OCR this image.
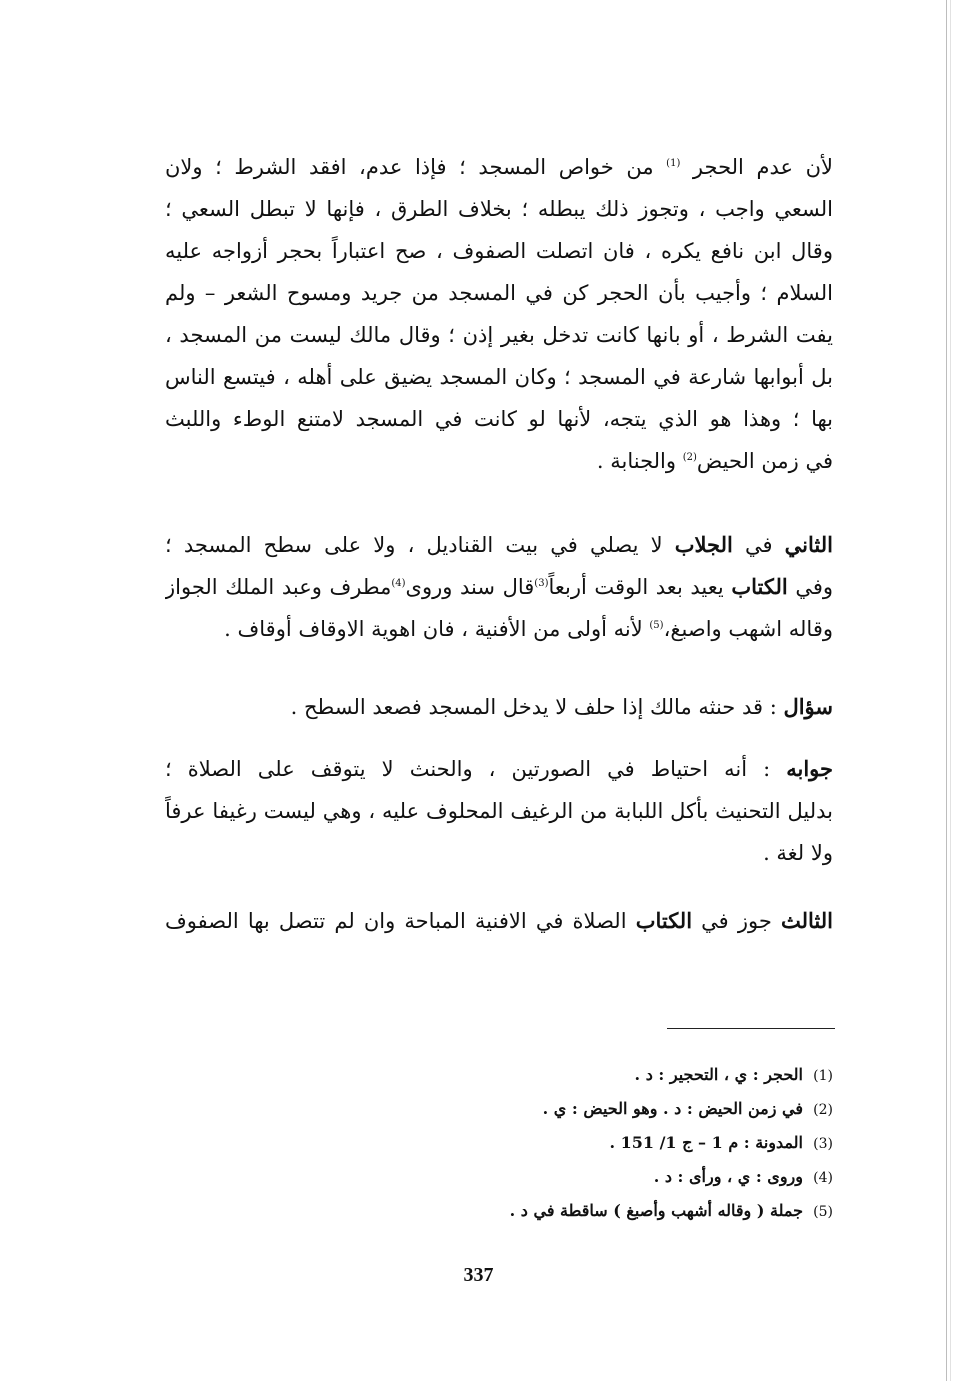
لأن عدم الحجر $^{(1)}$ من خواص المسجد ؛ فإذا عدم، افقد الشرط ؛ ولان
السعي واجب ، وتجوز ذلك يبطله ؛ بخلاف الطرق ، فإنها لا تبطل السعي ؛
وقال ابن نافع يكره ، فان اتصلت الصفوف ، صح اعتباراً بحجر أزواجه عليه
السلام ؛ وأجيب بأن الحجر كن في المسجد من جريد ومسوح الشعر – ولم
يفت الشرط ، أو بانها كانت تدخل بغير إذن ؛ وقال مالك ليست من المسجد ،
بل أبوابها شارعة في المسجد ؛ وكان المسجد يضيق على أهله ، فيتسع الناس
بها ؛ وهذا هو الذي يتجه، لأنها لو كانت في المسجد لامتنع الوطء واللبث
في زمن الحيض$^{(2)}$ والجنابة .
الثاني في الجلاب لا يصلي في بيت القناديل ، ولا على سطح المسجد ؛
وفي الكتاب يعيد بعد الوقت أربعاً$^{(3)}$قال سند وروى$^{(4)}$مطرف وعبد الملك الجواز
وقاله اشهب واصبغ،$^{(5)}$ لأنه أولى من الأفنية ، فان اهوية الاوقاف أوقاف .
سؤال : قد حنثه مالك إذا حلف لا يدخل المسجد فصعد السطح .
جوابه : أنه احتياط في الصورتين ، والحنث لا يتوقف على الصلاة ؛
بدليل التحنيث بأكل اللبابة من الرغيف المحلوف عليه ، وهي ليست رغيفا عرفاً
ولا لغة .
الثالث جوز في الكتاب الصلاة في الافنية المباحة وان لم تتصل بها الصفوف
(1)الحجر : ي ، التحجير : د .
(2)في زمن الحيض : د . وهو الحيض : ي .
(3)المدونة : م 1 – ج 1/ 151 .
(4)وروى : ي ، ورأى : د .
(5)جملة ( وقاله أشهب وأصبغ ) ساقطة في د .
337
